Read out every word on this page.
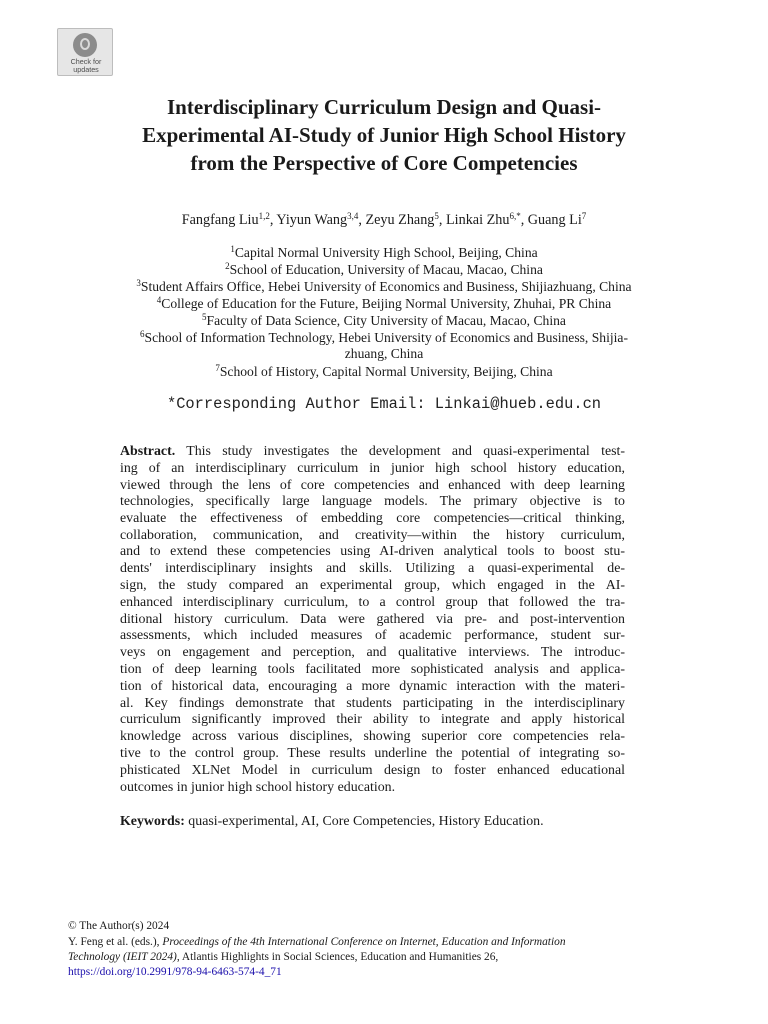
Check for
updates
Interdisciplinary Curriculum Design and Quasi-
Experimental AI-Study of Junior High School History
from the Perspective of Core Competencies
Fangfang Liu$^{1,2}$, Yiyun Wang$^{3,4}$, Zeyu Zhang$^5$, Linkai Zhu$^{6,*}$, Guang Li$^7$
$^1$Capital Normal University High School, Beijing, China
$^2$School of Education, University of Macau, Macao, China
$^3$Student Affairs Office, Hebei University of Economics and Business, Shijiazhuang, China
$^4$College of Education for the Future, Beijing Normal University, Zhuhai, PR China
$^5$Faculty of Data Science, City University of Macau, Macao, China
$^6$School of Information Technology, Hebei University of Economics and Business, Shijia-
zhuang, China
$^7$School of History, Capital Normal University, Beijing, China
*Corresponding Author Email: Linkai@hueb.edu.cn
Abstract. This study investigates the development and quasi-experimental test-
ing of an interdisciplinary curriculum in junior high school history education,
viewed through the lens of core competencies and enhanced with deep learning
technologies, specifically large language models. The primary objective is to
evaluate the effectiveness of embedding core competencies—critical thinking,
collaboration, communication, and creativity—within the history curriculum,
and to extend these competencies using AI-driven analytical tools to boost stu-
dents' interdisciplinary insights and skills. Utilizing a quasi-experimental de-
sign, the study compared an experimental group, which engaged in the AI-
enhanced interdisciplinary curriculum, to a control group that followed the tra-
ditional history curriculum. Data were gathered via pre- and post-intervention
assessments, which included measures of academic performance, student sur-
veys on engagement and perception, and qualitative interviews. The introduc-
tion of deep learning tools facilitated more sophisticated analysis and applica-
tion of historical data, encouraging a more dynamic interaction with the materi-
al. Key findings demonstrate that students participating in the interdisciplinary
curriculum significantly improved their ability to integrate and apply historical
knowledge across various disciplines, showing superior core competencies rela-
tive to the control group. These results underline the potential of integrating so-
phisticated XLNet Model in curriculum design to foster enhanced educational
outcomes in junior high school history education.
Keywords: quasi-experimental, AI, Core Competencies, History Education.
© The Author(s) 2024
Y. Feng et al. (eds.), Proceedings of the 4th International Conference on Internet, Education and Information
Technology (IEIT 2024), Atlantis Highlights in Social Sciences, Education and Humanities 26,
https://doi.org/10.2991/978-94-6463-574-4_71
